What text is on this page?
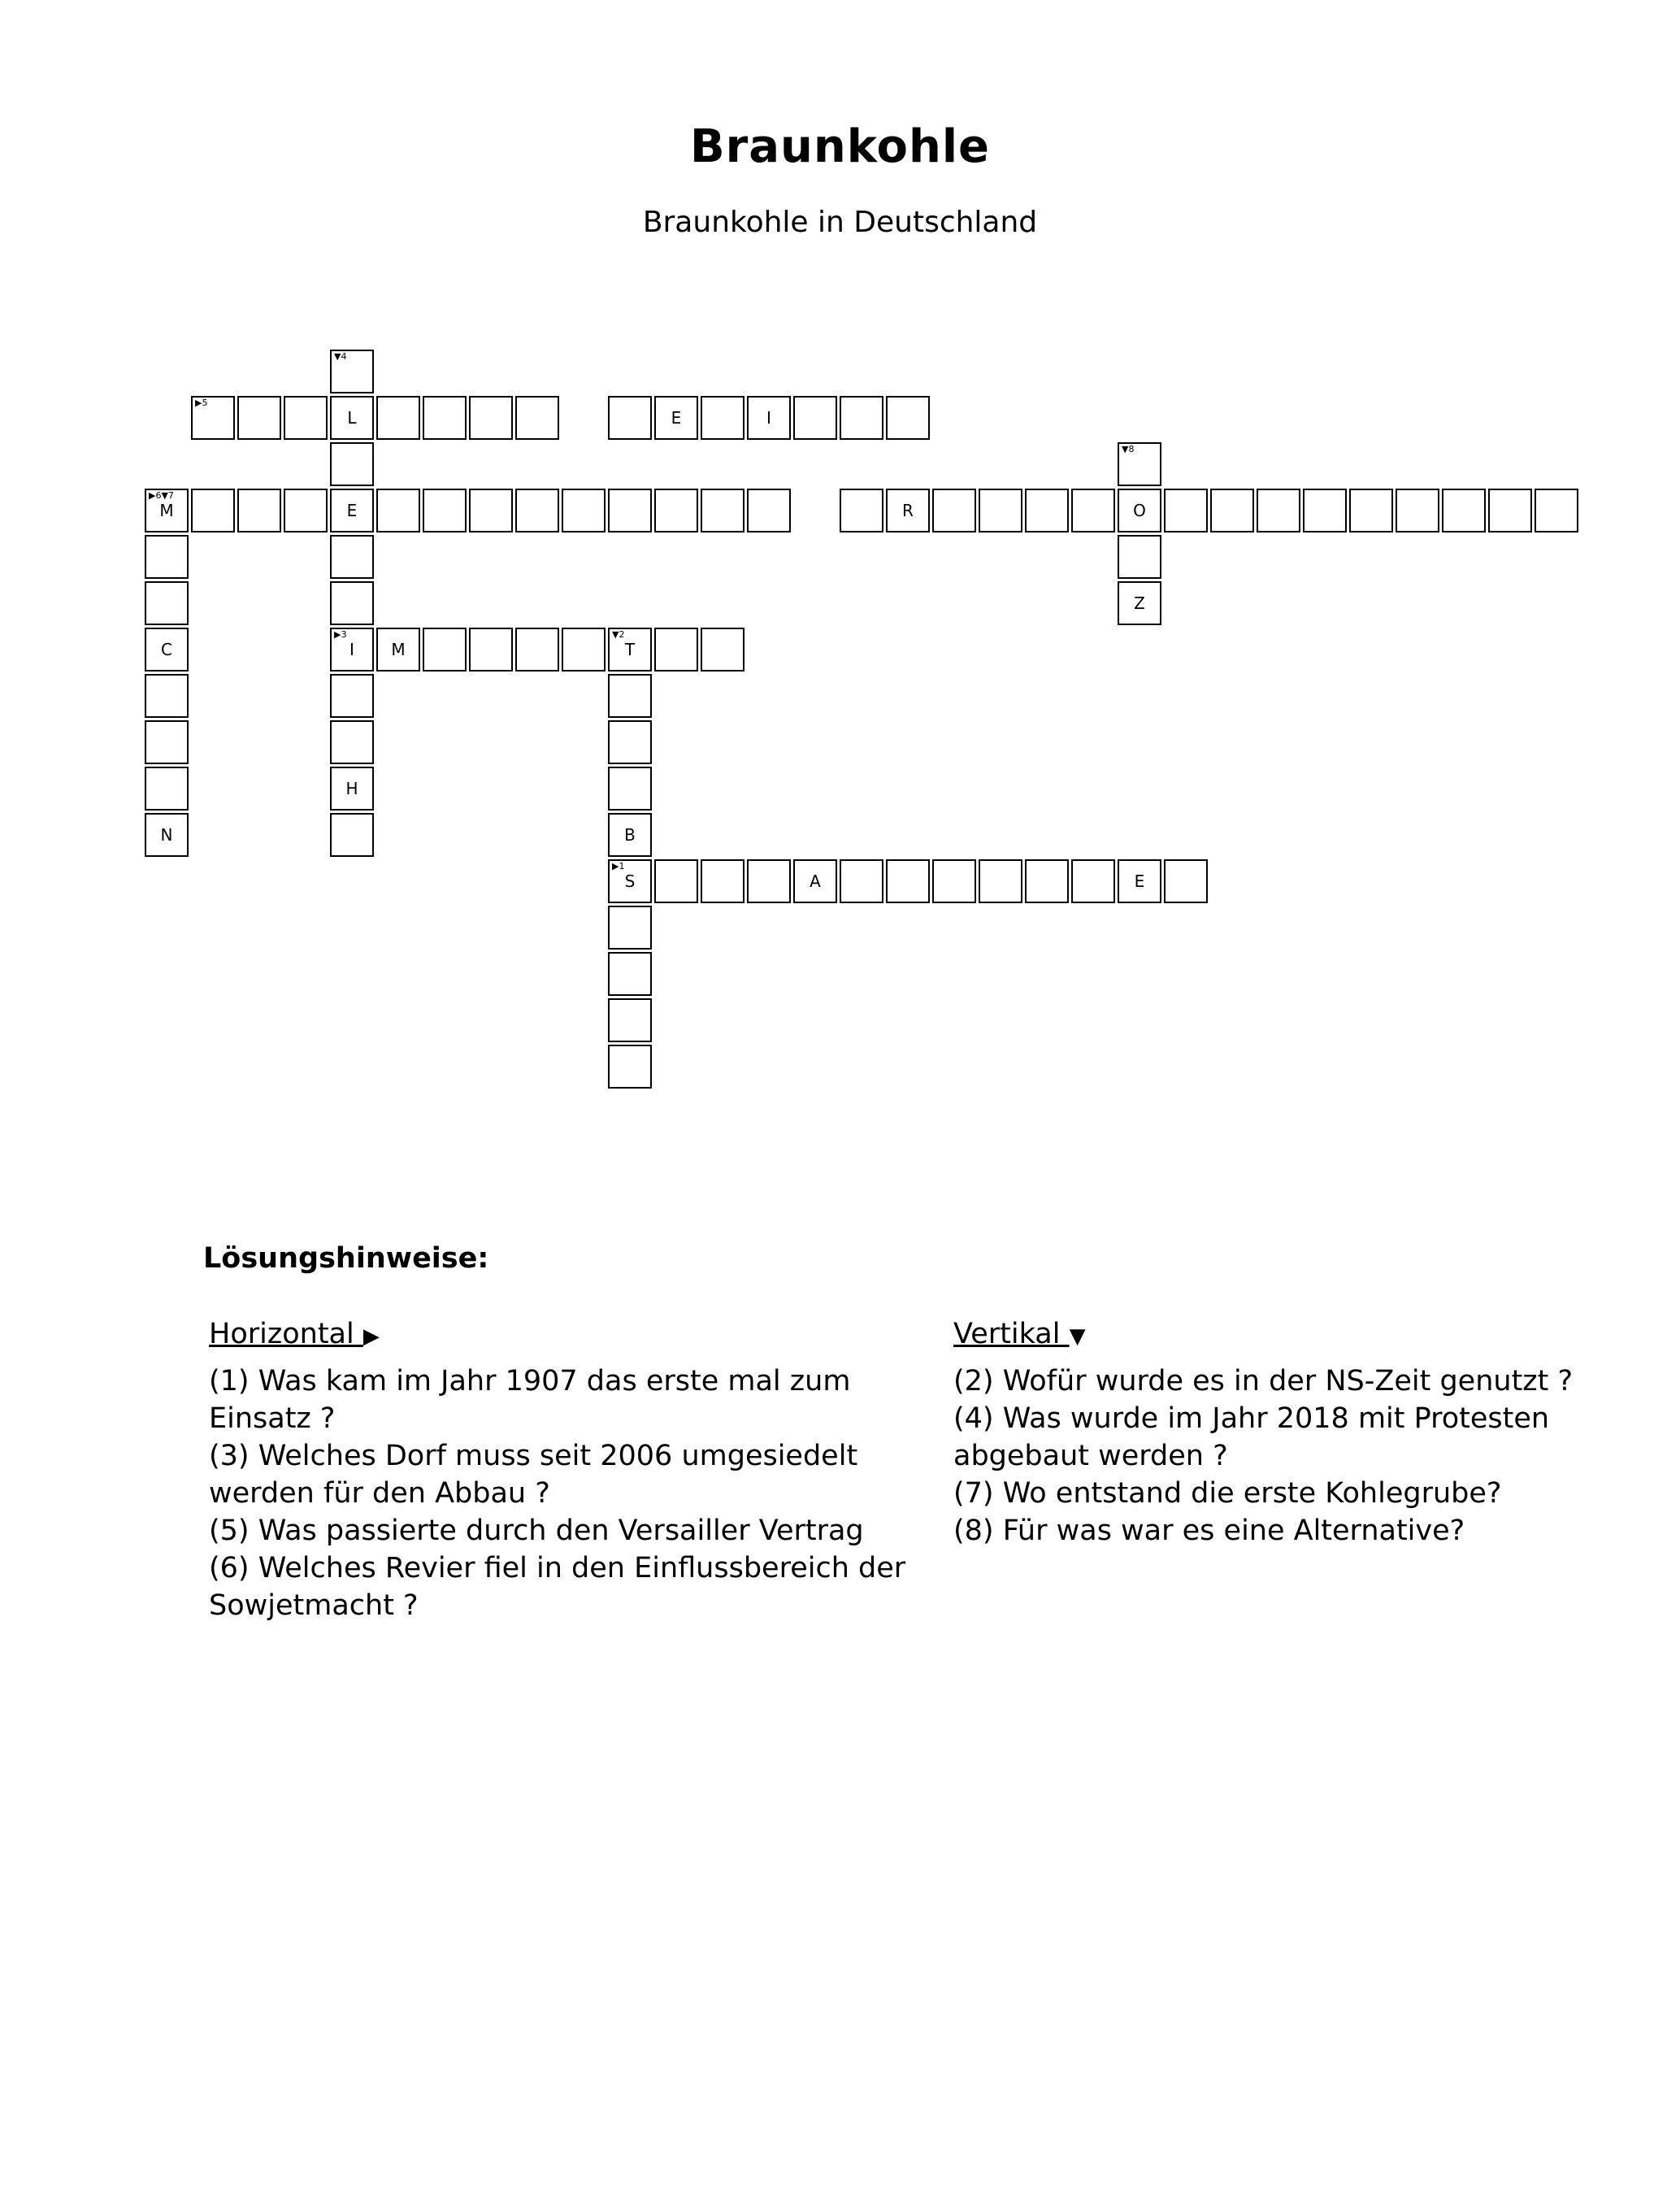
Braunkohle
Braunkohle in Deutschland
▼4
▶5
L	E	I
▼8
▶6▼7
M	E	R	O
Z
C
▶3
I	M
▼2
T
H
N	B
▶1
S	A	E
Lösungshinweise:
Horizontal ▶
(1) Was kam im Jahr 1907 das erste mal zum Einsatz ?
(3) Welches Dorf muss seit 2006 umgesiedelt werden für den Abbau ?
(5) Was passierte durch den Versailler Vertrag
(6) Welches Revier fiel in den Einflussbereich der Sowjetmacht ?
Vertikal ▼
(2) Wofür wurde es in der NS-Zeit genutzt ?
(4) Was wurde im Jahr 2018 mit Protesten abgebaut werden ?
(7) Wo entstand die erste Kohlegrube?
(8) Für was war es eine Alternative?
